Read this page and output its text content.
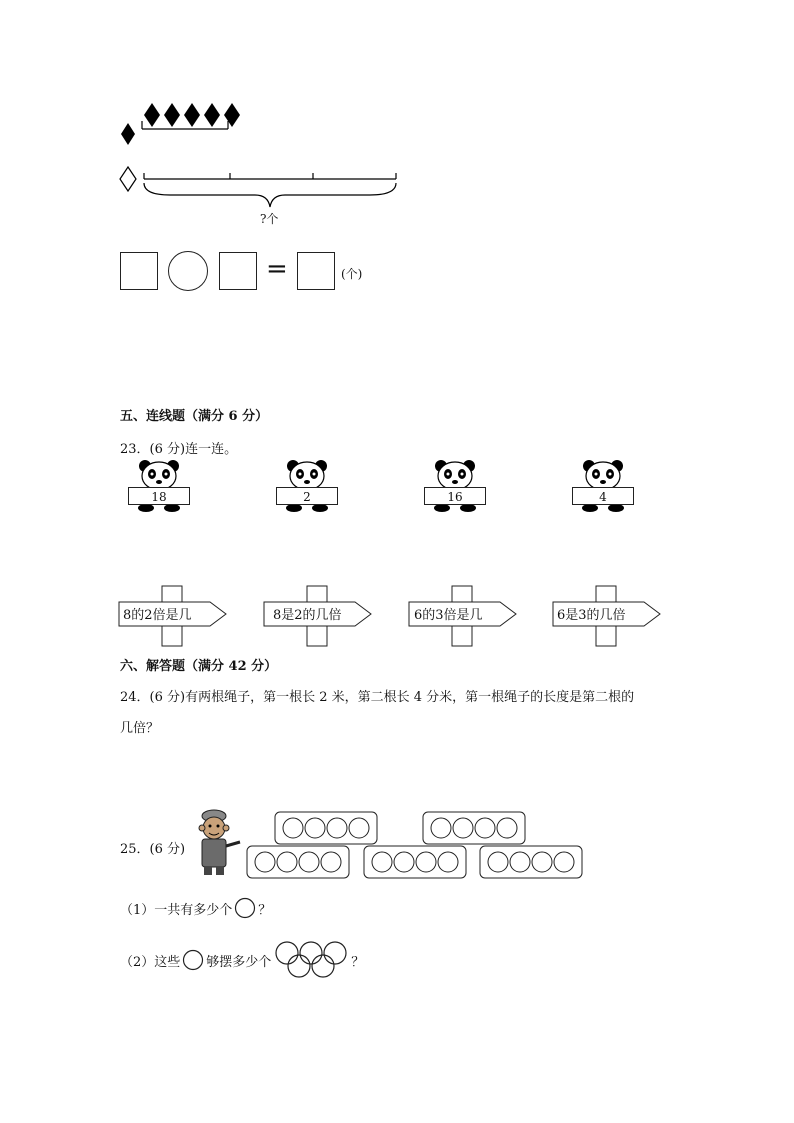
?个
=	(个)
五、连线题（满分 6 分）
23．(6 分)连一连。
18	2	16	4
8的2倍是几	8是2的几倍	6的3倍是几	6是3的几倍
六、解答题（满分 42 分）
24．(6 分)有两根绳子，第一根长 2 米，第二根长 4 分米，第一根绳子的长度是第二根的
几倍？
25．(6 分)
（1）一共有多少个 ？
（2）这些 够摆多少个	？
